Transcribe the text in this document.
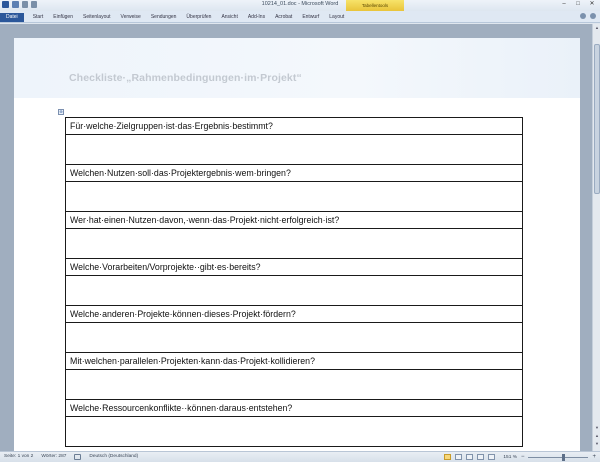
10214_01.doc - Microsoft Word	Tabellentools	–	□	✕
Datei	Start	Einfügen	Seitenlayout	Verweise	Sendungen	Überprüfen	Ansicht	Add-Ins	Acrobat	Entwurf	Layout
Checkliste·„Rahmenbedingungen·im·Projekt“
⊕
Für·welche·Zielgruppen·ist·das·Ergebnis·bestimmt?

Welchen·Nutzen·soll·das·Projektergebnis·wem·bringen?

Wer·hat·einen·Nutzen·davon,·wenn·das·Projekt·nicht·erfolgreich·ist?

Welche·Vorarbeiten/Vorprojekte··gibt·es·bereits?

Welche·anderen·Projekte·können·dieses·Projekt·fördern?

Mit·welchen·parallelen·Projekten·kann·das·Projekt·kollidieren?

Welche·Ressourcenkonflikte··können·daraus·entstehen?

▲
▼
▲
▼
Seite: 1 von 2 Wörter: 287	Deutsch (Deutschland)	151 % −	+
